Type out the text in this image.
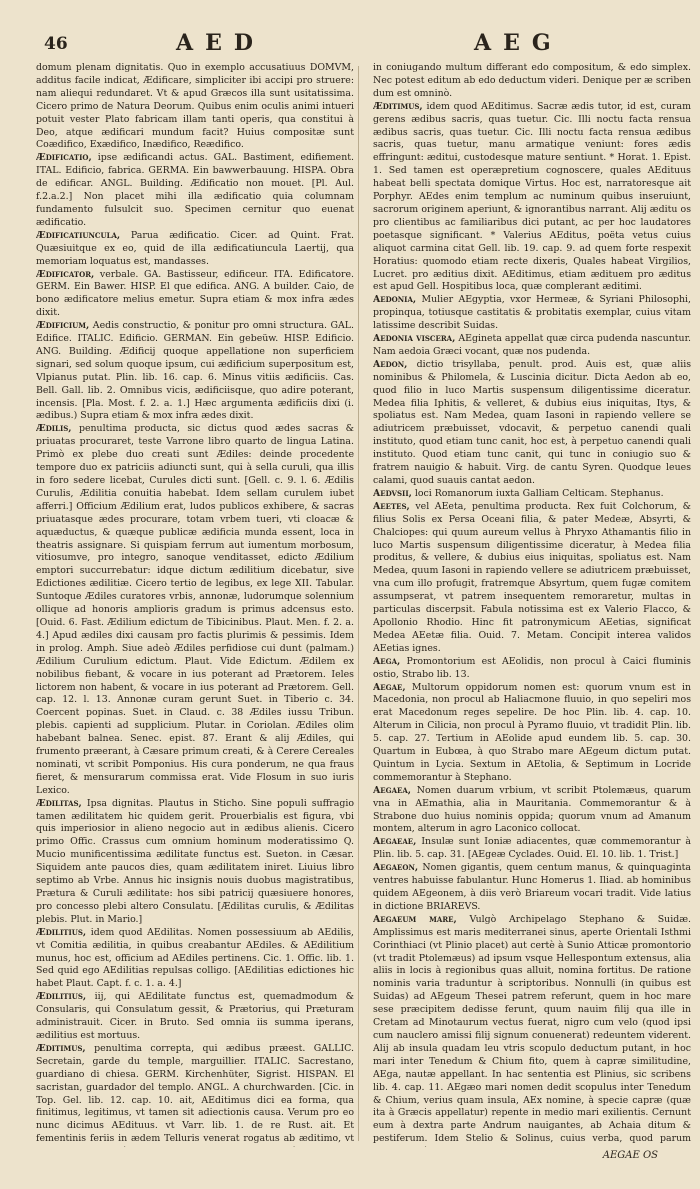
46	AED	AEG

domum plenam dignitatis. Quo in exemplo accusatiuus DOMVM, additus facile indicat, Ædificare, simpliciter ibi accipi pro struere: nam aliequi redundaret. Vt & apud Græcos illa sunt usitatissima. Cicero primo de Natura Deorum. Quibus enim oculis animi intueri potuit vester Plato fabricam illam tanti operis, qua constitui à Deo, atque ædificari mundum facit? Huius compositæ sunt Coædifico, Exædifico, Inædifico, Reædifico.

Ædificatio, ipse ædificandi actus. GAL. Bastiment, edifiement. ITAL. Edificio, fabrica. GERMA. Ein bawwerbauung. HISPA. Obra de edificar. ANGL. Building. Ædificatio non mouet. [Pl. Aul. f.2.a.2.] Non placet mihi illa ædificatio quia columnam fundamento fulsulcit suo. Specimen cernitur quo euenat ædificatio.

Ædificatiuncula, Parua ædificatio. Cicer. ad Quint. Frat. Quæsiuitque ex eo, quid de illa ædificatiuncula Laertij, qua memoriam loquatus est, mandasses.

Ædificator, verbale. GA. Bastisseur, edificeur. ITA. Edificatore. GERM. Ein Bawer. HISP. El que edifica. ANG. A builder. Caio, de bono ædificatore melius emetur. Supra etiam & mox infra ædes dixit.

Ædificium, Aedis constructio, & ponitur pro omni structura. GAL. Edifice. ITALIC. Edificio. GERMAN. Ein gebeüw. HISP. Edificio. ANG. Building. Ædificij quoque appellatione non superficiem signari, sed solum quoque ipsum, cui ædificium superpositum est, Vlpianus putat. Plin. lib. 16. cap. 6. Minus vitiis ædificiis. Cas. Bell. Gall. lib. 2. Omnibus vicis, ædificiisque, quo adire poterant, incensis. [Pla. Most. f. 2. a. 1.] Hæc argumenta ædificiis dixi (i. ædibus.) Supra etiam & mox infra ædes dixit.

Ædilis, penultima producta, sic dictus quod ædes sacras & priuatas procuraret, teste Varrone libro quarto de lingua Latina. Primò ex plebe duo creati sunt Ædiles: deinde procedente tempore duo ex patriciis adiuncti sunt, qui à sella curuli, qua illis in foro sedere licebat, Curules dicti sunt. [Gell. c. 9. l. 6. Ædilis Curulis, Ædilitia conuitia habebat. Idem sellam curulem iubet afferri.] Officium Ædilium erat, ludos publicos exhibere, & sacras priuatasque ædes procurare, totam vrbem tueri, vti cloacæ & aquæductus, & quæque publicæ ædificia munda essent, loca in theatris assignare. Si quispiam ferrum aut iumentum morbosum, vitiosumve, pro integro, sanoque venditasset, edicto Ædilium emptori succurrebatur: idque dictum ædilitium dicebatur, sive Edictiones ædilitiæ. Cicero tertio de legibus, ex lege XII. Tabular. Suntoque Ædiles curatores vrbis, annonæ, ludorumque solennium ollique ad honoris amplioris gradum is primus adcensus esto. [Ouid. 6. Fast. Ædilium edictum de Tibicinibus. Plaut. Men. f. 2. a. 4.] Apud ædiles dixi causam pro factis plurimis & pessimis. Idem in prolog. Amph. Siue adeò Ædiles perfidiose cui dunt (palmam.) Ædilium Curulium edictum. Plaut. Vide Edictum. Ædilem ex nobilibus fiebant, & vocare in ius poterant ad Prætorem. Ieles lictorem non habent, & vocare in ius poterant ad Prætorem. Gell. cap. 12. l. 13. Annonæ curam gerunt Suet. in Tiberio c. 34. Coercent popinas. Suet. in Claud. c. 38 Ædiles iussu Tribun. plebis. capienti ad supplicium. Plutar. in Coriolan. Ædiles olim habebant balnea. Senec. epist. 87. Erant & alij Ædiles, qui frumento præerant, à Cæsare primum creati, & à Cerere Cereales nominati, vt scribit Pomponius. His cura ponderum, ne qua fraus fieret, & mensurarum commissa erat. Vide Flosum in suo iuris Lexico.

Ædilitas, Ipsa dignitas. Plautus in Sticho. Sine populi suffragio tamen ædilitatem hic quidem gerit. Prouerbialis est figura, vbi quis imperiosior in alieno negocio aut in ædibus alienis. Cicero primo Offic. Crassus cum omnium hominum moderatissimo Q. Mucio munificentissima ædilitate functus est. Sueton. in Cæsar. Siquidem ante paucos dies, quam ædilitatem iniret. Liuius libro septimo ab Vrbe. Annus hic insignis nouis duobus magistratibus, Prætura & Curuli ædilitate: hos sibi patricij quæsiuere honores, pro concesso plebi altero Consulatu. [Ædilitas curulis, & Ædilitas plebis. Plut. in Mario.]

Ædilitius, idem quod AEdilitas. Nomen possessiuum ab AEdilis, vt Comitia ædilitia, in quibus creabantur AEdiles. & AEdilitium munus, hoc est, officium ad AEdiles pertinens. Cic. 1. Offic. lib. 1. Sed quid ego AEdilitias repulsas colligo. [AEdilitias edictiones hic habet Plaut. Capt. f. c. 1. a. 4.]

Ædilitius, iij, qui AEdilitate functus est, quemadmodum & Consularis, qui Consulatum gessit, & Prætorius, qui Præturam administrauit. Cicer. in Bruto. Sed omnia iis summa iperans, ædilitius est mortuus.

Æditimus, penultima correpta, qui ædibus præest. GALLIC. Secretain, garde du temple, marguillier. ITALIC. Sacrestano, guardiano di chiesa. GERM. Kirchenhüter, Sigrist. HISPAN. El sacristan, guardador del templo. ANGL. A churchwarden. [Cic. in Top. Gel. lib. 12. cap. 10. ait, AEditimus dici ea forma, qua finitimus, legitimus, vt tamen sit adiectionis causa. Verum pro eo nunc dicimus AEdituus. vt Varr. lib. 1. de re Rust. ait. Et fementinis feriis in ædem Telluris venerat rogatus ab æditimo, vt

in coniugando multum differant edo compositum, & edo simplex. Nec potest editum ab edo deductum videri. Denique per æ scriben dum est omninò.

Æditimus, idem quod AEditimus. Sacræ ædis tutor, id est, curam gerens ædibus sacris, quas tuetur. Cic. Illi noctu facta rensua ædibus sacris, quas tuetur. Cic. Illi noctu facta rensua ædibus sacris, quas tuetur, manu armatique veniunt: fores ædis effringunt: æditui, custodesque mature sentiunt. * Horat. 1. Epist. 1. Sed tamen est operæpretium cognoscere, quales AEdituus habeat belli spectata domique Virtus. Hoc est, narratoresque ait Porphyr. AEdes enim templum ac numinum quibus inseruiunt, sacrorum originem aperiunt, & ignorantibus narrant. Alij æditu os pro clientibus ac familiaribus dici putant, ac per hoc laudatores poetasque significant. * Valerius AEditus, poëta vetus cuius aliquot carmina citat Gell. lib. 19. cap. 9. ad quem forte respexit Horatius: quomodo etiam recte dixeris, Quales habeat Virgilios, Lucret. pro æditius dixit. AEditimus, etiam ædituem pro æditus est apud Gell. Hospitibus loca, quæ complerant æditimi.

Aedonia, Mulier AEgyptia, vxor Hermeæ, & Syriani Philosophi, propinqua, totiusque castitatis & probitatis exemplar, cuius vitam latissime describit Suidas.

Aedonia viscera, AEgineta appellat quæ circa pudenda nascuntur. Nam aedoia Græci vocant, quæ nos pudenda.

Aedon, dictio trisyllaba, penult. prod. Auis est, quæ aliis nominibus & Philomela, & Luscinia dicitur. Dicta Aedon ab eo, quod filio in luco Martis suspensum diligentissime diceratur. Medea filia Iphitis, & velleret, & dubius eius iniquitas, Itys, & spoliatus est. Nam Medea, quam Iasoni in rapiendo vellere se adiutricem præbuisset, vdocavit, & perpetuo canendi quali instituto, quod etiam tunc canit, hoc est, à perpetuo canendi quali instituto. Quod etiam tunc canit, qui tunc in coniugio suo & fratrem nauigio & habuit. Virg. de cantu Syren. Quodque leues calami, quod suauis cantat aedon.

Aedvsii, loci Romanorum iuxta Galliam Celticam. Stephanus.

Aeetes, vel AEeta, penultima producta. Rex fuit Colchorum, & filius Solis ex Persa Oceani filia, & pater Medeæ, Absyrti, & Chalciopes: qui quum aureum vellus à Phryxo Athamantis filio in luco Martis suspensum diligentissime diceratur, à Medea filia proditus, & vellere, & dubius eius iniquitas, spoliatus est. Nam Medea, quum Iasoni in rapiendo vellere se adiutricem præbuisset, vna cum illo profugit, fratremque Absyrtum, quem fugæ comitem assumpserat, vt patrem insequentem remoraretur, multas in particulas discerpsit. Fabula notissima est ex Valerio Flacco, & Apollonio Rhodio. Hinc fit patronymicum AEetias, significat Medea AEetæ filia. Ouid. 7. Metam. Concipit interea validos AEetias ignes.

Aega, Promontorium est AEolidis, non procul à Caici fluminis ostio, Strabo lib. 13.

Aegae, Multorum oppidorum nomen est: quorum vnum est in Macedonia, non procul ab Haliacmone fluuio, in quo sepeliri mos erat Macedonum reges sepelire. De hoc Plin. lib. 4. cap. 10. Alterum in Cilicia, non procul à Pyramo fluuio, vt tradidit Plin. lib. 5. cap. 27. Tertium in AEolide apud eundem lib. 5. cap. 30. Quartum in Eubœa, à quo Strabo mare AEgeum dictum putat. Quintum in Lycia. Sextum in AEtolia, & Septimum in Locride commemorantur à Stephano.

Aegaea, Nomen duarum vrbium, vt scribit Ptolemæus, quarum vna in AEmathia, alia in Mauritania. Commemorantur & à Strabone duo huius nominis oppida; quorum vnum ad Amanum montem, alterum in agro Laconico collocat.

Aegaeae, Insulæ sunt Ioniæ adiacentes, quæ commemorantur à Plin. lib. 5. cap. 31. [AEgeæ Cyclades. Ouid. El. 10. lib. 1. Trist.]

Aegaeon, Nomen gigantis, quem centum manus, & quinquaginta ventres habuisse fabulantur. Hunc Homerus 1. Iliad. ab hominibus quidem AEgeonem, à diis verò Briareum vocari tradit. Vide latius in dictione BRIAREVS.

Aegaeum mare, Vulgò Archipelago Stephano & Suidæ. Amplissimus est maris mediterranei sinus, aperte Orientali Isthmi Corinthiaci (vt Plinio placet) aut certè à Sunio Atticæ promontorio (vt tradit Ptolemæus) ad ipsum vsque Hellespontum extensus, alia aliis in locis à regionibus quas alluit, nomina fortitus. De ratione nominis varia traduntur à scriptoribus. Nonnulli (in quibus est Suidas) ad AEgeum Thesei patrem referunt, quem in hoc mare sese præcipitem dedisse ferunt, quum nauim filij qua ille in Cretam ad Minotaurum vectus fuerat, nigro cum velo (quod ipsi cum nauclero amissi filij signum conuenerat) redeuntem viderent. Alij ab insula quadam leu vtris scopulo deductum putant, in hoc mari inter Tenedum & Chium fito, quem à capræ similitudine, AEga, nautæ appellant. In hac sententia est Plinius, sic scribens lib. 4. cap. 11. AEgæo mari nomen dedit scopulus inter Tenedum & Chium, verius quam insula, AEx nomine, à specie capræ (quæ ita à Græcis appellatur) repente in medio mari exilientis. Cernunt eum à dextra parte Andrum nauigantes, ab Achaia ditum & pestiferum. Idem Stelio & Solinus, cuius verba, quod parum

AEGAE OS
